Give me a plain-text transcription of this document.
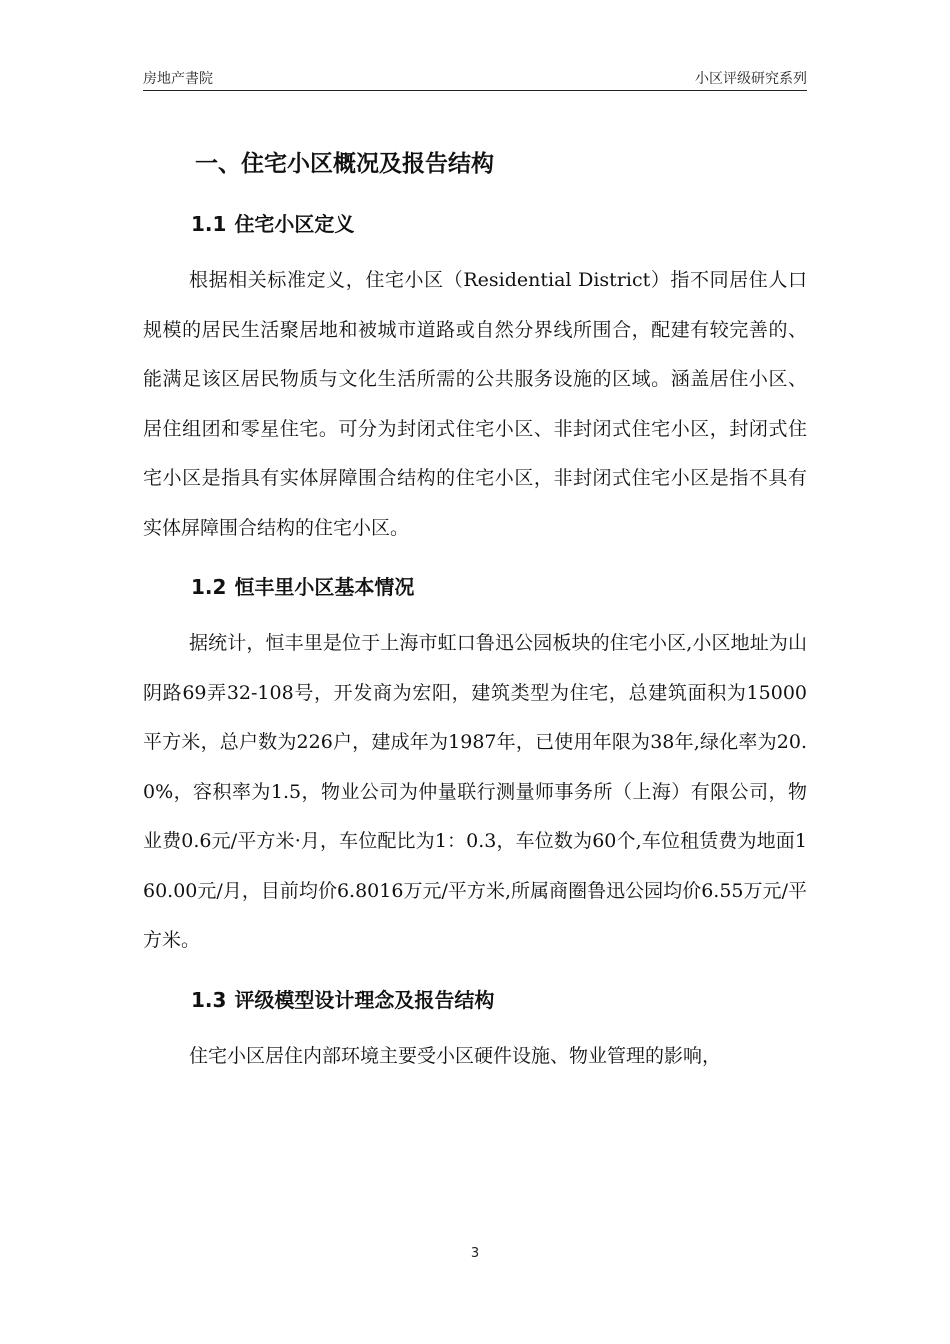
房地产書院	小区评级研究系列
一、住宅小区概况及报告结构
1.1 住宅小区定义

根据相关标准定义，住宅小区（Residential District）指不同居住人口规模的居民生活聚居地和被城市道路或自然分界线所围合，配建有较完善的、能满足该区居民物质与文化生活所需的公共服务设施的区域。涵盖居住小区、居住组团和零星住宅。可分为封闭式住宅小区、非封闭式住宅小区，封闭式住宅小区是指具有实体屏障围合结构的住宅小区，非封闭式住宅小区是指不具有实体屏障围合结构的住宅小区。

1.2 恒丰里小区基本情况

据统计，恒丰里是位于上海市虹口鲁迅公园板块的住宅小区,小区地址为山阴路69弄32-108号，开发商为宏阳，建筑类型为住宅，总建筑面积为15000平方米，总户数为226户，建成年为1987年，已使用年限为38年,绿化率为20.0%，容积率为1.5，物业公司为仲量联行测量师事务所（上海）有限公司，物业费0.6元/平方米·月，车位配比为1：0.3，车位数为60个,车位租赁费为地面160.00元/月，目前均价6.8016万元/平方米,所属商圈鲁迅公园均价6.55万元/平方米。

1.3 评级模型设计理念及报告结构

住宅小区居住内部环境主要受小区硬件设施、物业管理的影响，

3
